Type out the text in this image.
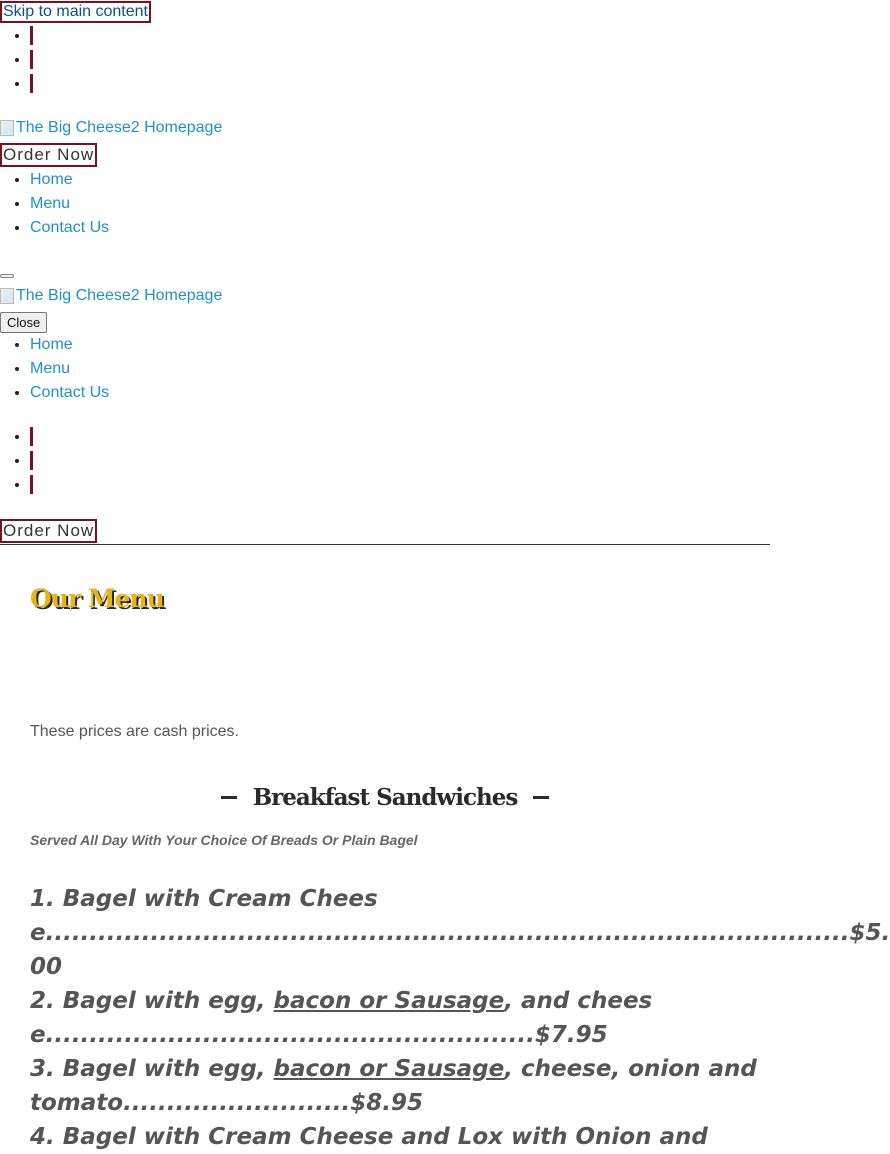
Skip to main content
•
•
•
The Big Cheese2 Homepage
Order Now
• Home
• Menu
• Contact Us
The Big Cheese2 Homepage
Close
• Home
• Menu
• Contact Us
•
•
•
Order Now
Our Menu

These prices are cash prices.

Breakfast Sandwiches

Served All Day With Your Choice Of Breads Or Plain Bagel

1. Bagel with Cream Cheese............................................................................................$5.00

2. Bagel with egg, bacon or Sausage, and cheese........................................................$7.95

3. Bagel with egg, bacon or Sausage, cheese, onion and tomato..........................$8.95

4. Bagel with Cream Cheese and Lox with Onion and
